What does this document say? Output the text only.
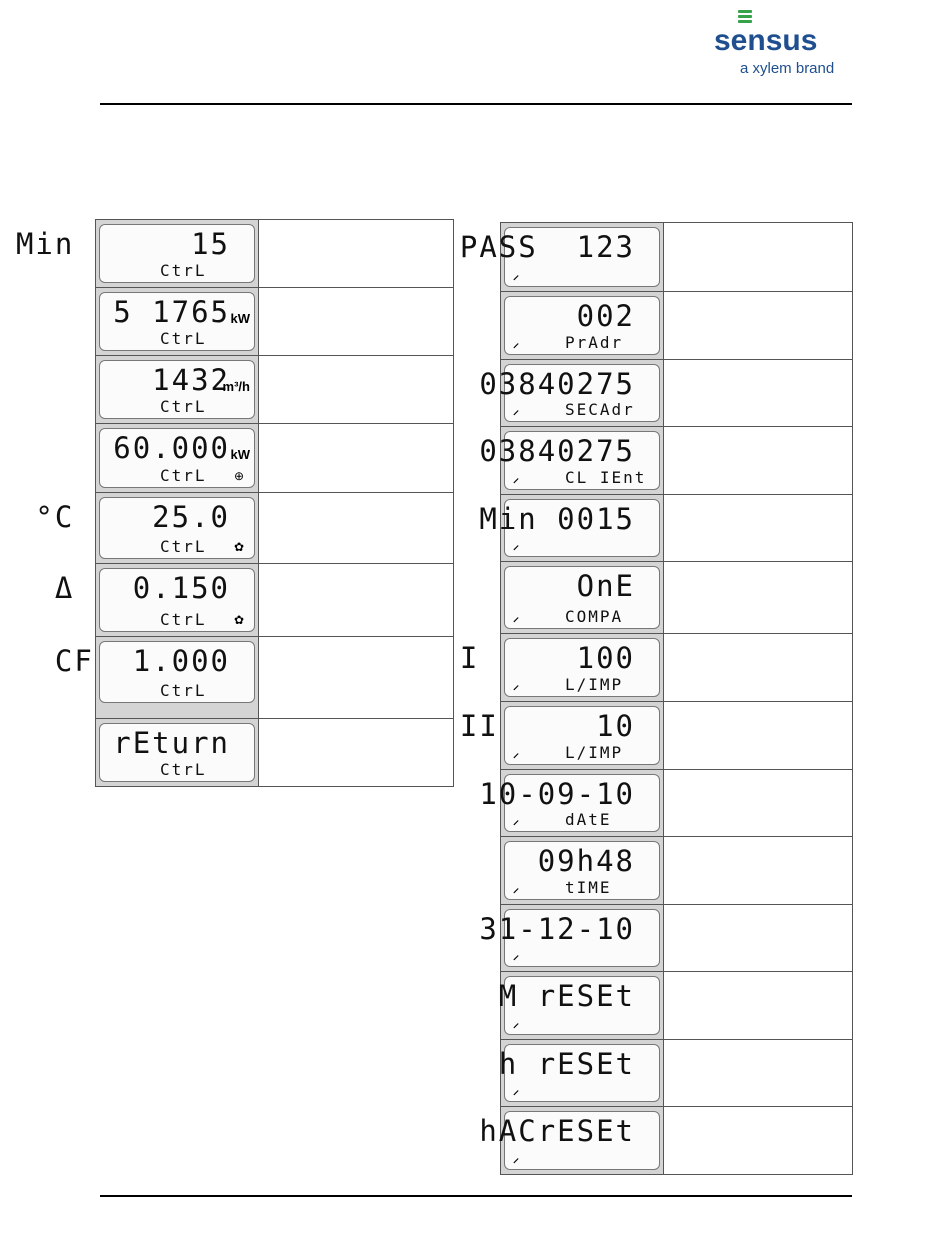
sensus
a xylem brand
Min      15
CtrL	

5 1765 kW
CtrL	

1432
m³/h
CtrL	

60.000 kW
CtrL ⊕	

°C    25.0
CtrL ✿	

Δ   0.150
CtrL ✿	

CF  1.000
CtrL	

rEturn
CtrL	

PASS  123
⸝	

002
PrAdr
⸝	

03840275
SECAdr
⸝	

03840275
CL IEnt
⸝	

Min 0015
⸝	

OnE
COMPA
⸝	

I     100
L/IMP
⸝	

II     10
L/IMP
⸝	

10-09-10
dAtE
⸝	

09h48
tIME
⸝	

31-12-10
⸝	

M rESEt
⸝	

h rESEt
⸝	

hACrESEt
⸝	
